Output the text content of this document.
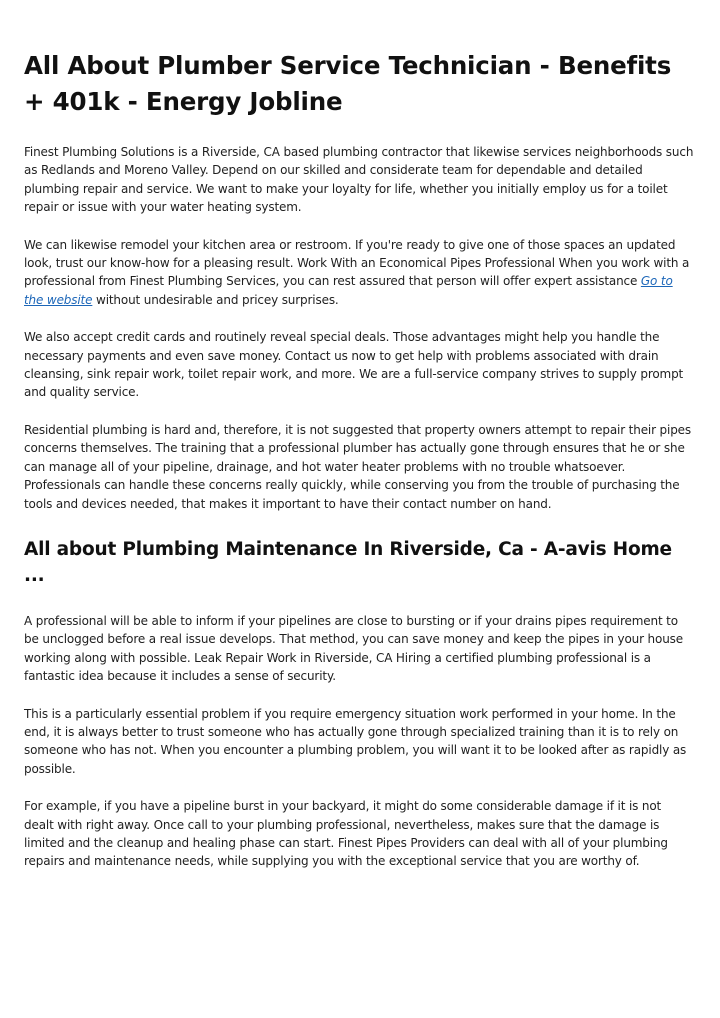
All About Plumber Service Technician - Benefits + 401k - Energy Jobline

Finest Plumbing Solutions is a Riverside, CA based plumbing contractor that likewise services neighborhoods such as Redlands and Moreno Valley. Depend on our skilled and considerate team for dependable and detailed plumbing repair and service. We want to make your loyalty for life, whether you initially employ us for a toilet repair or issue with your water heating system.

We can likewise remodel your kitchen area or restroom. If you're ready to give one of those spaces an updated look, trust our know-how for a pleasing result. Work With an Economical Pipes Professional When you work with a professional from Finest Plumbing Services, you can rest assured that person will offer expert assistance Go to the website without undesirable and pricey surprises.

We also accept credit cards and routinely reveal special deals. Those advantages might help you handle the necessary payments and even save money. Contact us now to get help with problems associated with drain cleansing, sink repair work, toilet repair work, and more. We are a full-service company strives to supply prompt and quality service.

Residential plumbing is hard and, therefore, it is not suggested that property owners attempt to repair their pipes concerns themselves. The training that a professional plumber has actually gone through ensures that he or she can manage all of your pipeline, drainage, and hot water heater problems with no trouble whatsoever. Professionals can handle these concerns really quickly, while conserving you from the trouble of purchasing the tools and devices needed, that makes it important to have their contact number on hand.

All about Plumbing Maintenance In Riverside, Ca - A-avis Home ...

A professional will be able to inform if your pipelines are close to bursting or if your drains pipes requirement to be unclogged before a real issue develops. That method, you can save money and keep the pipes in your house working along with possible. Leak Repair Work in Riverside, CA Hiring a certified plumbing professional is a fantastic idea because it includes a sense of security.

This is a particularly essential problem if you require emergency situation work performed in your home. In the end, it is always better to trust someone who has actually gone through specialized training than it is to rely on someone who has not. When you encounter a plumbing problem, you will want it to be looked after as rapidly as possible.

For example, if you have a pipeline burst in your backyard, it might do some considerable damage if it is not dealt with right away. Once call to your plumbing professional, nevertheless, makes sure that the damage is limited and the cleanup and healing phase can start. Finest Pipes Providers can deal with all of your plumbing repairs and maintenance needs, while supplying you with the exceptional service that you are worthy of.
